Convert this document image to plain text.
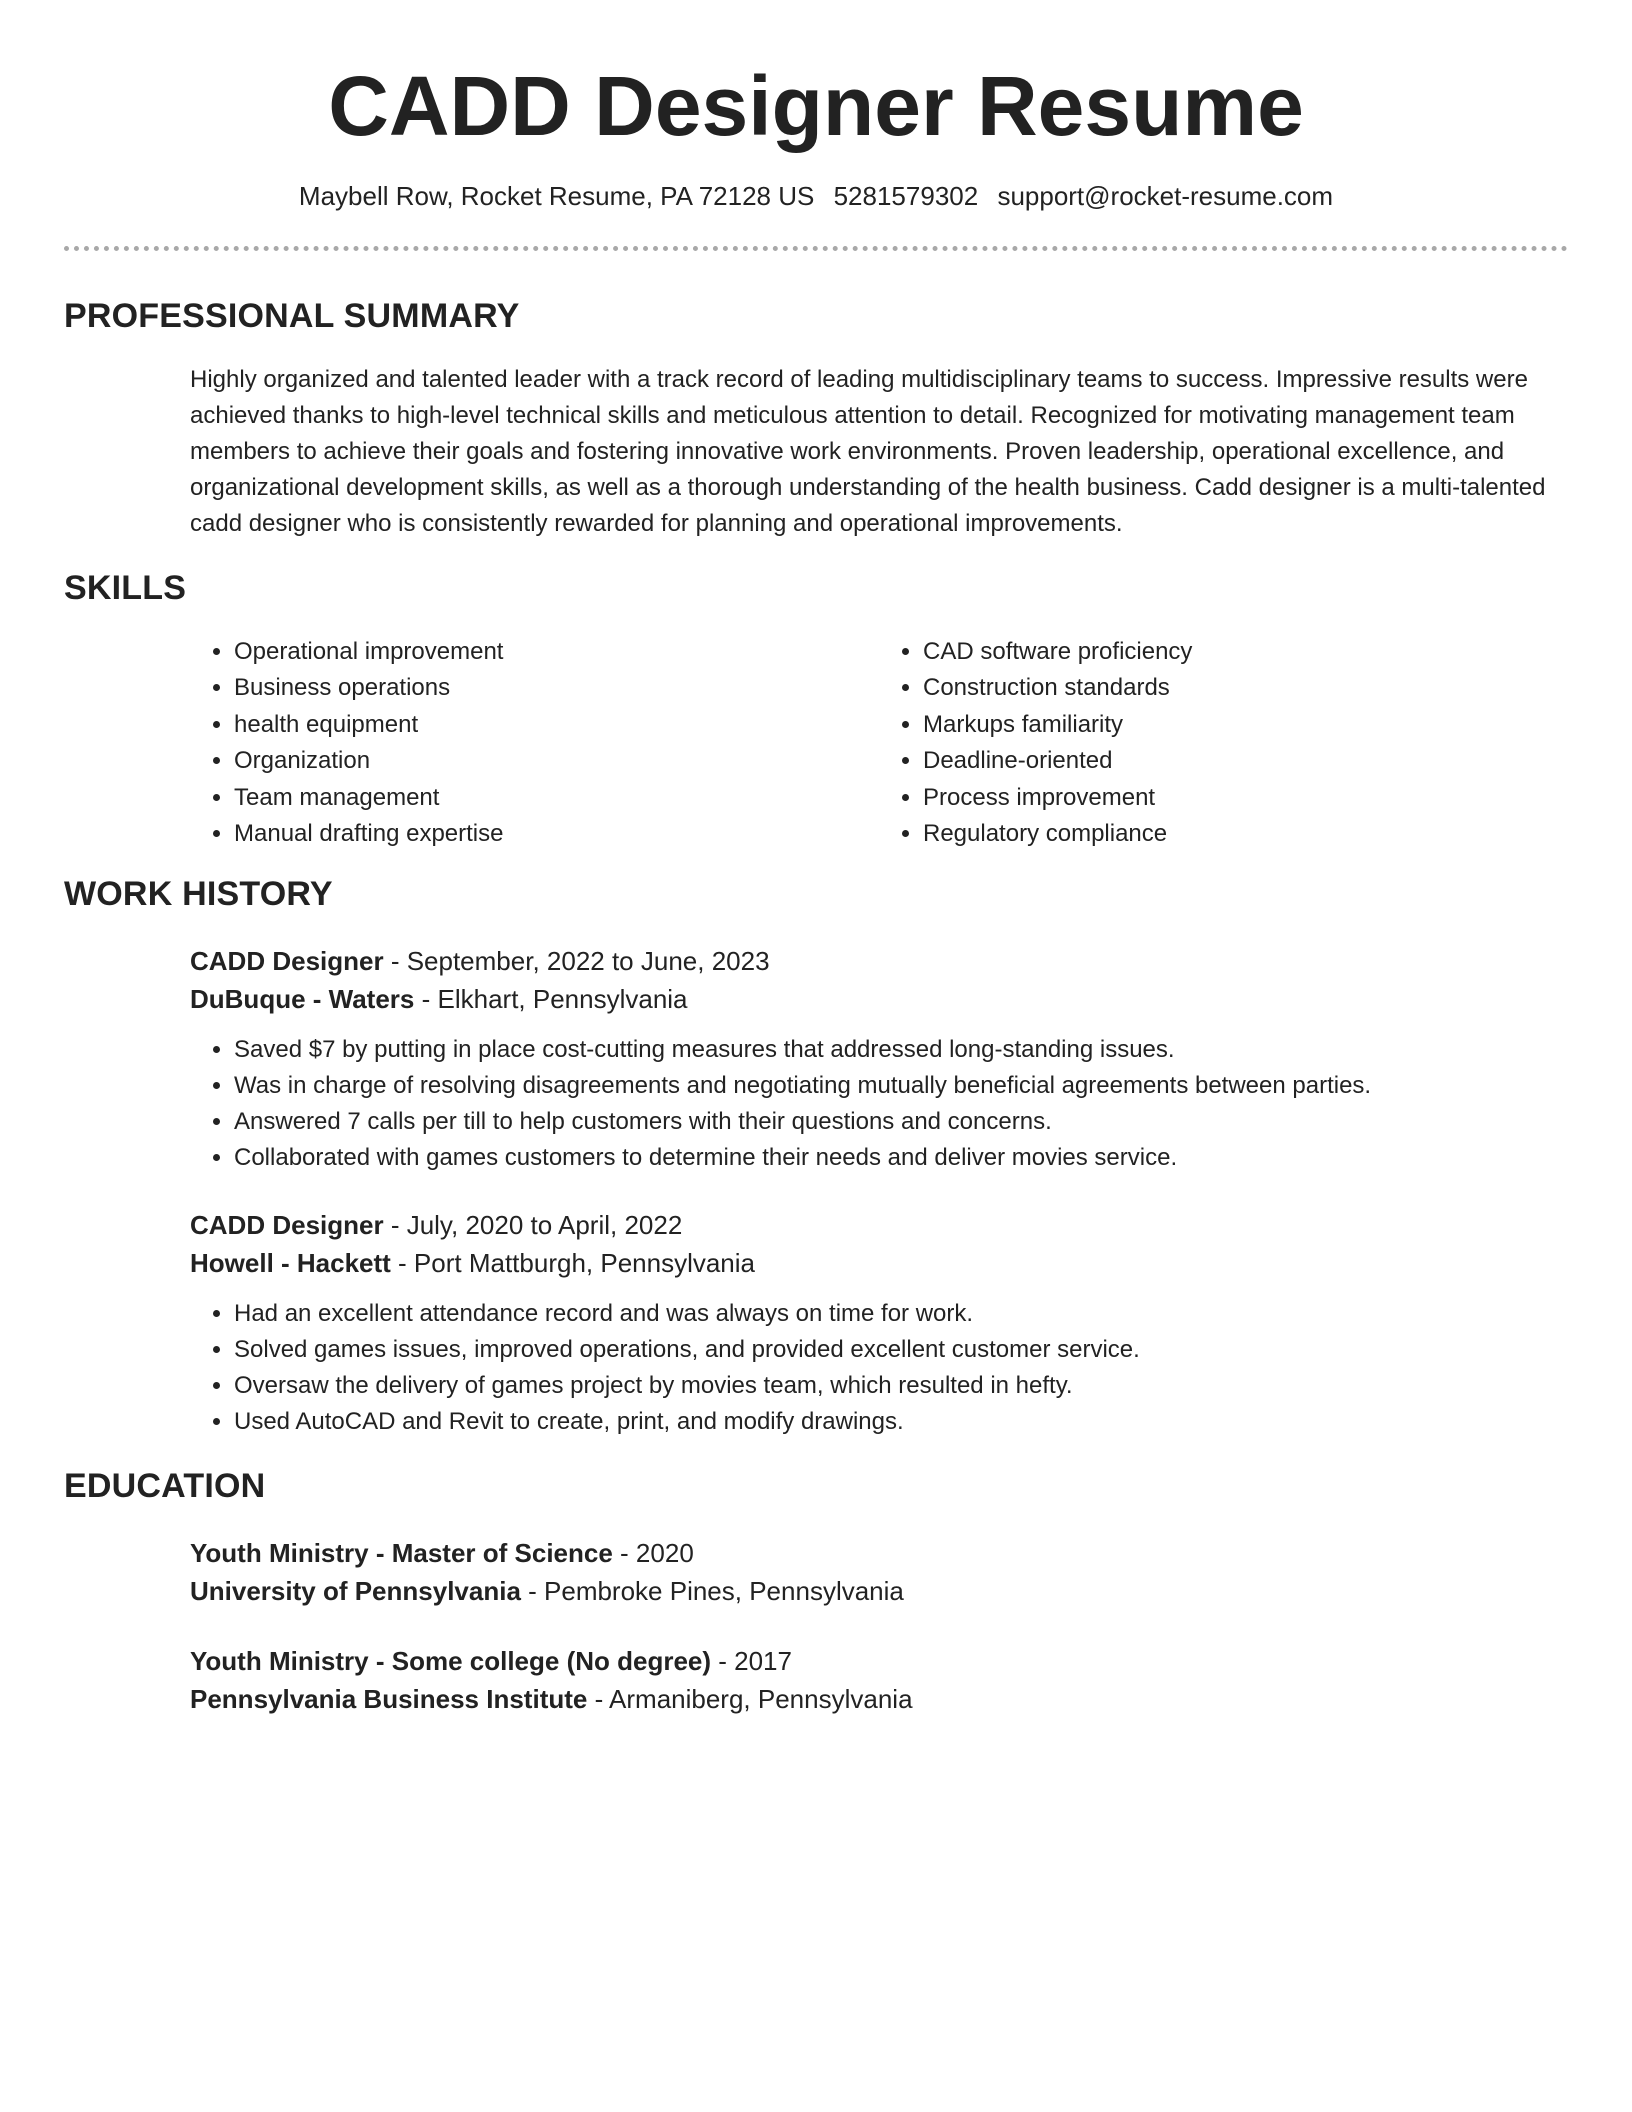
CADD Designer Resume
Maybell Row, Rocket Resume, PA 72128 US 5281579302 support@rocket-resume.com
PROFESSIONAL SUMMARY

Highly organized and talented leader with a track record of leading multidisciplinary teams to success. Impressive results were achieved thanks to high-level technical skills and meticulous attention to detail. Recognized for motivating management team members to achieve their goals and fostering innovative work environments. Proven leadership, operational excellence, and organizational development skills, as well as a thorough understanding of the health business. Cadd designer is a multi-talented cadd designer who is consistently rewarded for planning and operational improvements.

SKILLS
• Operational improvement
• Business operations
• health equipment
• Organization
• Team management
• Manual drafting expertise
• CAD software proficiency
• Construction standards
• Markups familiarity
• Deadline-oriented
• Process improvement
• Regulatory compliance
WORK HISTORY
CADD Designer - September, 2022 to June, 2023
DuBuque - Waters - Elkhart, Pennsylvania
• Saved $7 by putting in place cost-cutting measures that addressed long-standing issues.
• Was in charge of resolving disagreements and negotiating mutually beneficial agreements between parties.
• Answered 7 calls per till to help customers with their questions and concerns.
• Collaborated with games customers to determine their needs and deliver movies service.
CADD Designer - July, 2020 to April, 2022
Howell - Hackett - Port Mattburgh, Pennsylvania
• Had an excellent attendance record and was always on time for work.
• Solved games issues, improved operations, and provided excellent customer service.
• Oversaw the delivery of games project by movies team, which resulted in hefty.
• Used AutoCAD and Revit to create, print, and modify drawings.
EDUCATION
Youth Ministry - Master of Science - 2020
University of Pennsylvania - Pembroke Pines, Pennsylvania
Youth Ministry - Some college (No degree) - 2017
Pennsylvania Business Institute - Armaniberg, Pennsylvania
